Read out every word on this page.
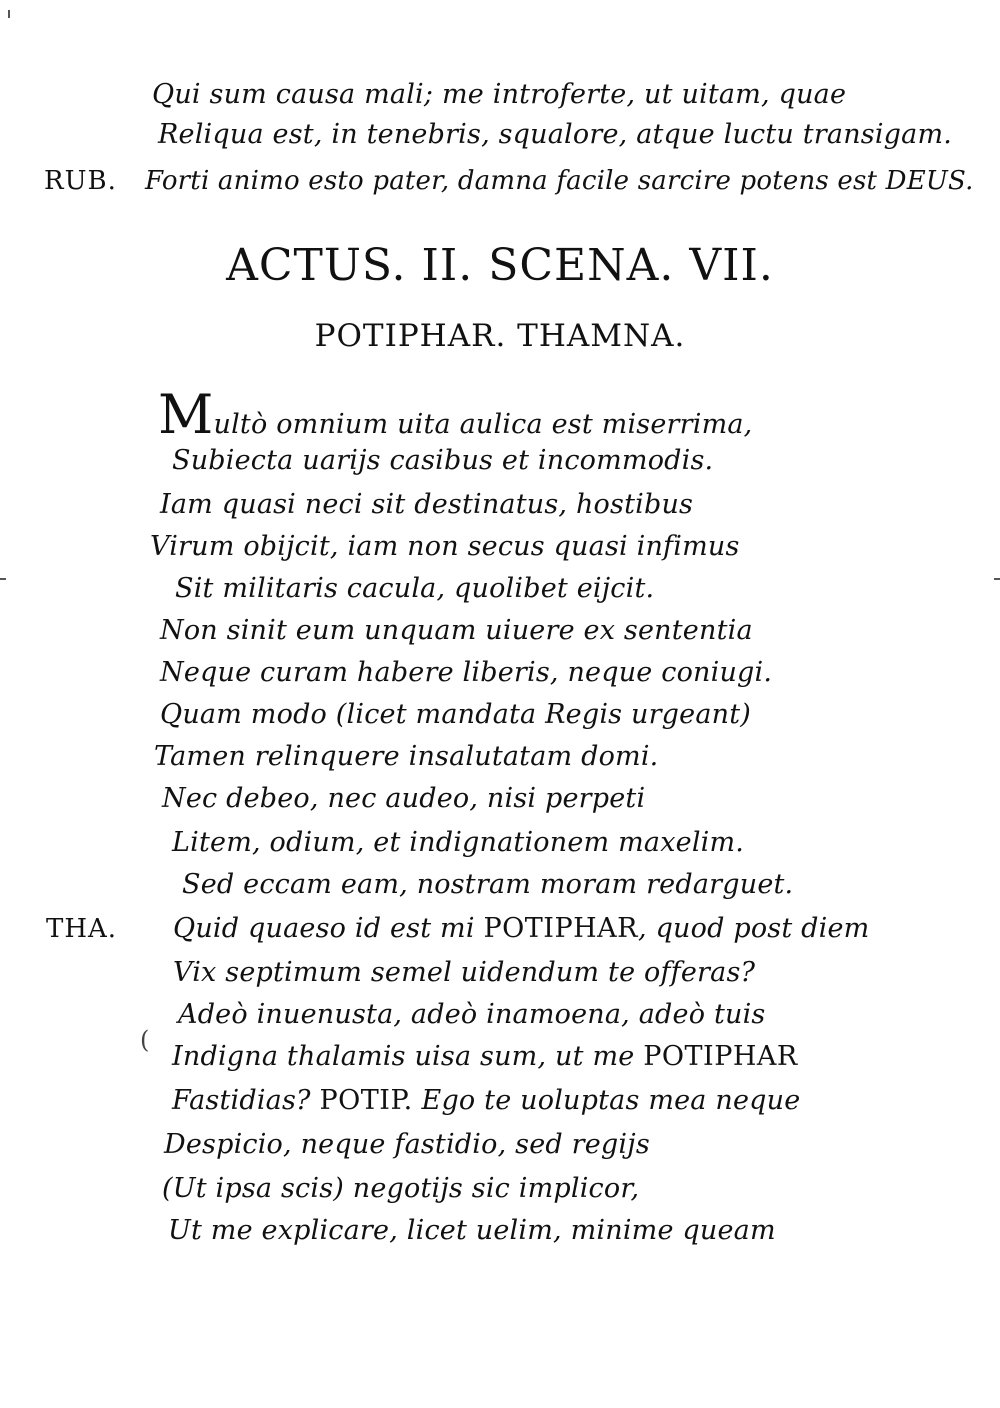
Qui sum causa mali; me introferte, ut uitam, quae
Reliqua est, in tenebris, squalore, atque luctu transigam.
RUB. Forti animo esto pater, damna facile sarcire potens est DEUS.
ACTUS. II. SCENA. VII.
POTIPHAR. THAMNA.
Multò omnium uita aulica est miserrima,
Subiecta uarijs casibus et incommodis.
Iam quasi neci sit destinatus, hostibus
Virum obijcit, iam non secus quasi infimus
Sit militaris cacula, quolibet eijcit.
Non sinit eum unquam uiuere ex sententia
Neque curam habere liberis, neque coniugi.
Quam modo (licet mandata Regis urgeant)
Tamen relinquere insalutatam domi.
Nec debeo, nec audeo, nisi perpeti
Litem, odium, et indignationem maxelim.
Sed eccam eam, nostram moram redarguet.
THA. Quid quaeso id est mi POTIPHAR, quod post diem
Vix septimum semel uidendum te offeras?
Adeò inuenusta, adeò inamoena, adeò tuis
(
Indigna thalamis uisa sum, ut me POTIPHAR
Fastidias? POTIP. Ego te uoluptas mea neque
Despicio, neque fastidio, sed regijs
(Ut ipsa scis) negotijs sic implicor,
Ut me explicare, licet uelim, minime queam
